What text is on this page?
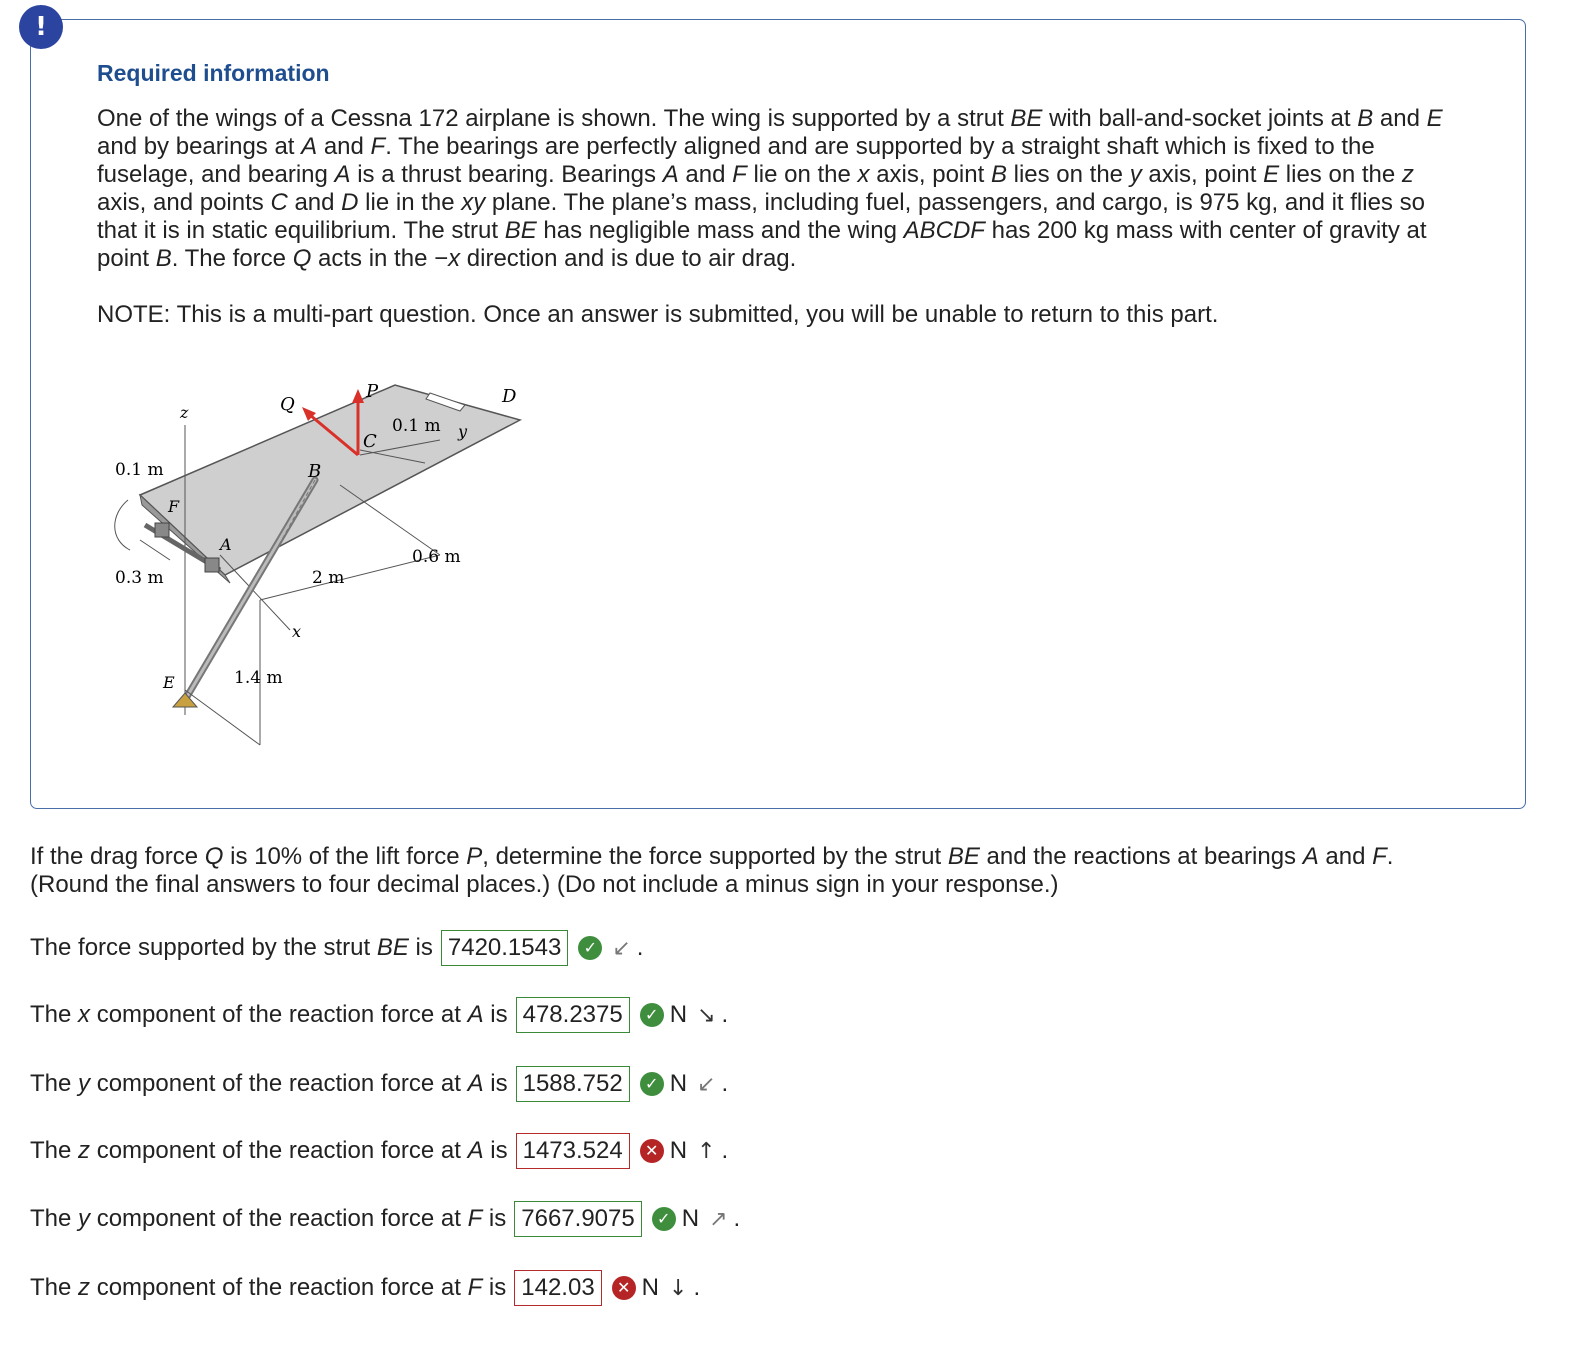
!
Required information

One of the wings of a Cessna 172 airplane is shown. The wing is supported by a strut BE with ball-and-socket joints at B and E and by bearings at A and F. The bearings are perfectly aligned and are supported by a straight shaft which is fixed to the fuselage, and bearing A is a thrust bearing. Bearings A and F lie on the x axis, point B lies on the y axis, point E lies on the z axis, and points C and D lie in the xy plane. The plane’s mass, including fuel, passengers, and cargo, is 975 kg, and it flies so that it is in static equilibrium. The strut BE has negligible mass and the wing ABCDF has 200 kg mass with center of gravity at point B. The force Q acts in the −x direction and is due to air drag.

NOTE: This is a multi-part question. Once an answer is submitted, you will be unable to return to this part.

Q
P	D
z
y
x
C
B
F
A
E
0.1 m
0.1 m
0.3 m
0.6 m
2 m
1.4 m

If the drag force Q is 10% of the lift force P, determine the force supported by the strut BE and the reactions at bearings A and F. (Round the final answers to four decimal places.) (Do not include a minus sign in your response.)

The force supported by the strut BE is 7420.1543	✓ ↙ .
The x component of the reaction force at A is 478.2375	✓ N ↘ .
The y component of the reaction force at A is 1588.752	✓ N ↙ .
The z component of the reaction force at A is 1473.524	✕ N ↑ .
The y component of the reaction force at F is 7667.9075	✓ N ↗ .
The z component of the reaction force at F is 142.03	✕ N ↓ .
